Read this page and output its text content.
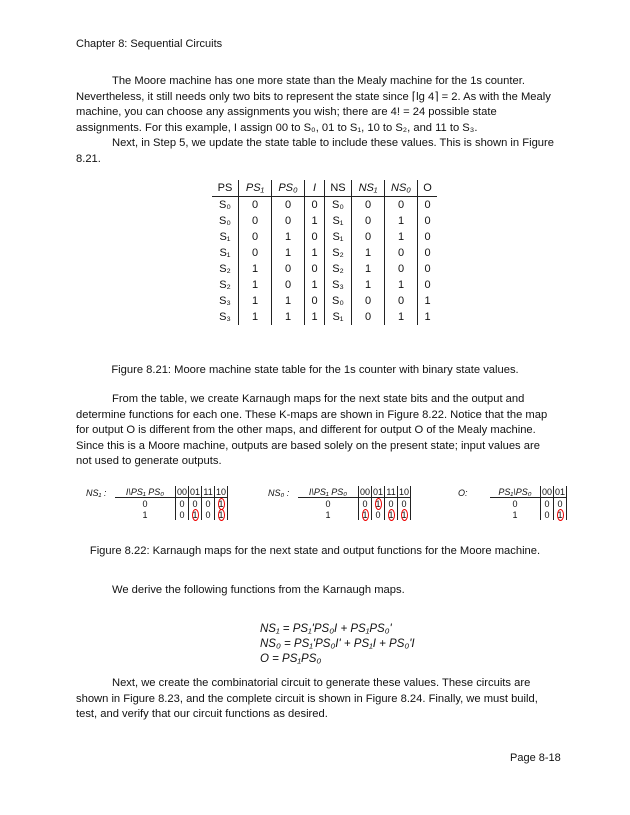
Chapter 8: Sequential Circuits

The Moore machine has one more state than the Mealy machine for the 1s counter. Nevertheless, it still needs only two bits to represent the state since ⌈lg 4⌉ = 2. As with the Mealy machine, you can choose any assignments you wish; there are 4! = 24 possible state assignments. For this example, I assign 00 to S₀, 01 to S₁, 10 to S₂, and 11 to S₃.

Next, in Step 5, we update the state table to include these values. This is shown in Figure 8.21.

PS	PS₁	PS₀	I	NS	NS₁	NS₀	O
S₀	0	0	0	S₀	0	0	0
S₀	0	0	1	S₁	0	1	0
S₁	0	1	0	S₁	0	1	0
S₁	0	1	1	S₂	1	0	0
S₂	1	0	0	S₂	1	0	0
S₂	1	0	1	S₃	1	1	0
S₃	1	1	0	S₀	0	0	1
S₃	1	1	1	S₁	0	1	1
Figure 8.21: Moore machine state table for the 1s counter with binary state values.

From the table, we create Karnaugh maps for the next state bits and the output and determine functions for each one. These K-maps are shown in Figure 8.22. Notice that the map for output O is different from the other maps, and different for output O of the Mealy machine. Since this is a Moore machine, outputs are based solely on the present state; input values are not used to generate outputs.

NS₁ : I\PS₁ PS₀	00	01	11	10
0	0	0	0	1
1	0	1	0	1
NS₀ : I\PS₁ PS₀	00	01	11	10
0	0	1	0	0
1	1	0	1	1
O:	PS₁\PS₀	00	01
0	0	0
1	0	1
Figure 8.22: Karnaugh maps for the next state and output functions for the Moore machine.

We derive the following functions from the Karnaugh maps.

NS₁ = PS₁'PS₀I + PS₁PS₀'
NS₀ = PS₁'PS₀I' + PS₁I + PS₀'I
O = PS₁PS₀

Next, we create the combinatorial circuit to generate these values. These circuits are shown in Figure 8.23, and the complete circuit is shown in Figure 8.24. Finally, we must build, test, and verify that our circuit functions as desired.

Page 8-18
